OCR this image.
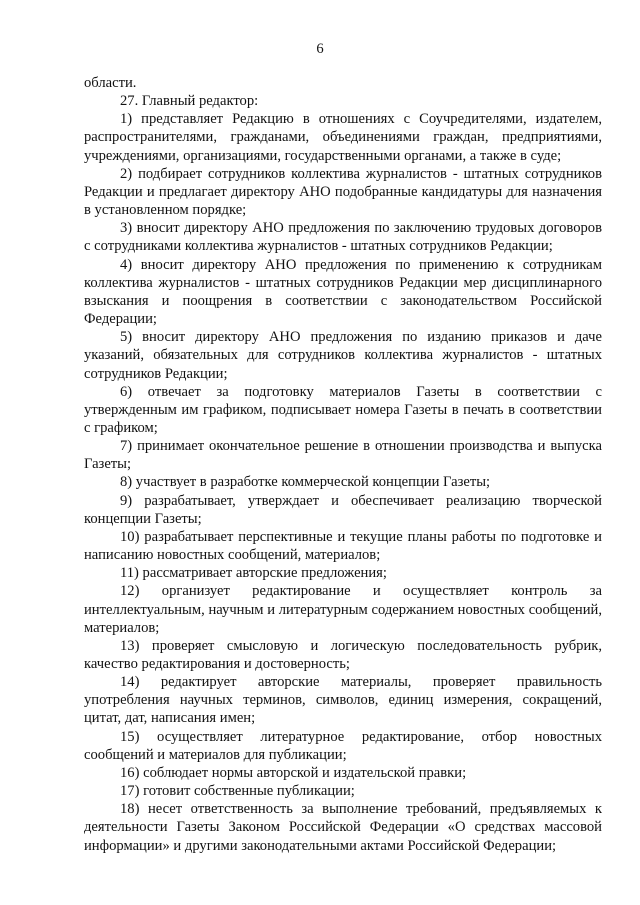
6

области.

27. Главный редактор:

1) представляет Редакцию в отношениях с Соучредителями, издателем, распространителями, гражданами, объединениями граждан, предприятиями, учреждениями, организациями, государственными органами, а также в суде;

2) подбирает сотрудников коллектива журналистов - штатных сотрудников Редакции и предлагает директору АНО подобранные кандидатуры для назначения в установленном порядке;

3) вносит директору АНО предложения по заключению трудовых договоров с сотрудниками коллектива журналистов - штатных сотрудников Редакции;

4) вносит директору АНО предложения по применению к сотрудникам коллектива журналистов - штатных сотрудников Редакции мер дисциплинарного взыскания и поощрения в соответствии с законодательством Российской Федерации;

5) вносит директору АНО предложения по изданию приказов и даче указаний, обязательных для сотрудников коллектива журналистов - штатных сотрудников Редакции;

6) отвечает за подготовку материалов Газеты в соответствии с утвержденным им графиком, подписывает номера Газеты в печать в соответствии с графиком;

7) принимает окончательное решение в отношении производства и выпуска Газеты;

8) участвует в разработке коммерческой концепции Газеты;

9) разрабатывает, утверждает и обеспечивает реализацию творческой концепции Газеты;

10) разрабатывает перспективные и текущие планы работы по подготовке и написанию новостных сообщений, материалов;

11) рассматривает авторские предложения;

12) организует редактирование и осуществляет контроль за интеллектуальным, научным и литературным содержанием новостных сообщений, материалов;

13) проверяет смысловую и логическую последовательность рубрик, качество редактирования и достоверность;

14) редактирует авторские материалы, проверяет правильность употребления научных терминов, символов, единиц измерения, сокращений, цитат, дат, написания имен;

15) осуществляет литературное редактирование, отбор новостных сообщений и материалов для публикации;

16) соблюдает нормы авторской и издательской правки;

17) готовит собственные публикации;

18) несет ответственность за выполнение требований, предъявляемых к деятельности Газеты Законом Российской Федерации «О средствах массовой информации» и другими законодательными актами Российской Федерации;
